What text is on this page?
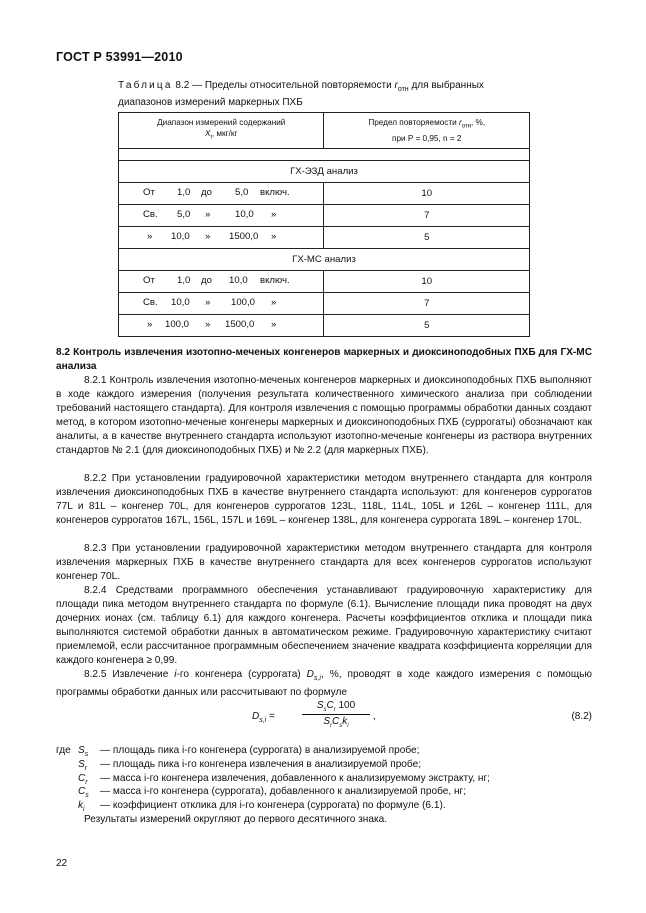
ГОСТ Р 53991—2010
Таблица 8.2 — Пределы относительной повторяемости $r_{отн}$ для выбранных
диапазонов измерений маркерных ПХБ
Диапазон измерений содержаний
$X_i$, мкг/кг	Предел повторяемости $r_{отн}$, %,
при P = 0,95, n = 2

ГХ-ЭЗД анализ	

От 1,0 до 5,0 включ.	10

Св. 5,0 » 10,0 »	7

» 10,0 » 1500,0 »	5
ГХ-МС анализ	

От 1,0 до 10,0 включ.	10

Св. 10,0 » 100,0 »	7

» 100,0 » 1500,0 »	5
8.2 Контроль извлечения изотопно-меченых конгенеров маркерных и диоксиноподобных ПХБ для ГХ-МС анализа
8.2.1 Контроль извлечения изотопно-меченых конгенеров маркерных и диоксиноподобных ПХБ выполняют в ходе каждого измерения (получения результата количественного химического анализа при соблюдении требований настоящего стандарта). Для контроля извлечения с помощью программы обработки данных создают метод, в котором изотопно-меченые конгенеры маркерных и диоксиноподобных ПХБ (суррогаты) обозначают как аналиты, а в качестве внутреннего стандарта используют изотопно-меченые конгенеры из раствора внутренних стандартов № 2.1 (для диоксиноподобных ПХБ) и № 2.2 (для маркерных ПХБ).
8.2.2 При установлении градуировочной характеристики методом внутреннего стандарта для контроля извлечения диоксиноподобных ПХБ в качестве внутреннего стандарта используют: для конгенеров суррогатов 77L и 81L – конгенер 70L, для конгенеров суррогатов 123L, 118L, 114L, 105L и 126L – конгенер 111L, для конгенеров суррогатов 167L, 156L, 157L и 169L – конгенер 138L, для конгенера суррогата 189L – конгенер 170L.
8.2.3 При установлении градуировочной характеристики методом внутреннего стандарта для контроля извлечения маркерных ПХБ в качестве внутреннего стандарта для всех конгенеров суррогатов используют конгенер 70L.
8.2.4 Средствами программного обеспечения устанавливают градуировочную характеристику для площади пика методом внутреннего стандарта по формуле (6.1). Вычисление площади пика проводят на двух дочерних ионах (см. таблицу 6.1) для каждого конгенера. Расчеты коэффициентов отклика и площади пика выполняются системой обработки данных в автоматическом режиме. Градуировочную характеристику считают приемлемой, если рассчитанное программным обеспечением значение квадрата коэффициента корреляции для каждого конгенера ≥ 0,99.
8.2.5 Извлечение i-го конгенера (суррогата) $D_{s,i}$, %, проводят в ходе каждого измерения с помощью программы обработки данных или рассчитывают по формуле
$D_{s,i}$ =
$S_sC_r$ 100
$S_rC_sk_i$
,	(8.2)
где $S_s$ — площадь пика i-го конгенера (суррогата) в анализируемой пробе;
$S_r$ — площадь пика i-го конгенера извлечения в анализируемой пробе;
$C_r$ — масса i-го конгенера извлечения, добавленного к анализируемому экстракту, нг;
$C_s$ — масса i-го конгенера (суррогата), добавленного к анализируемой пробе, нг;
$k_i$ — коэффициент отклика для i-го конгенера (суррогата) по формуле (6.1).
Результаты измерений округляют до первого десятичного знака.
22
